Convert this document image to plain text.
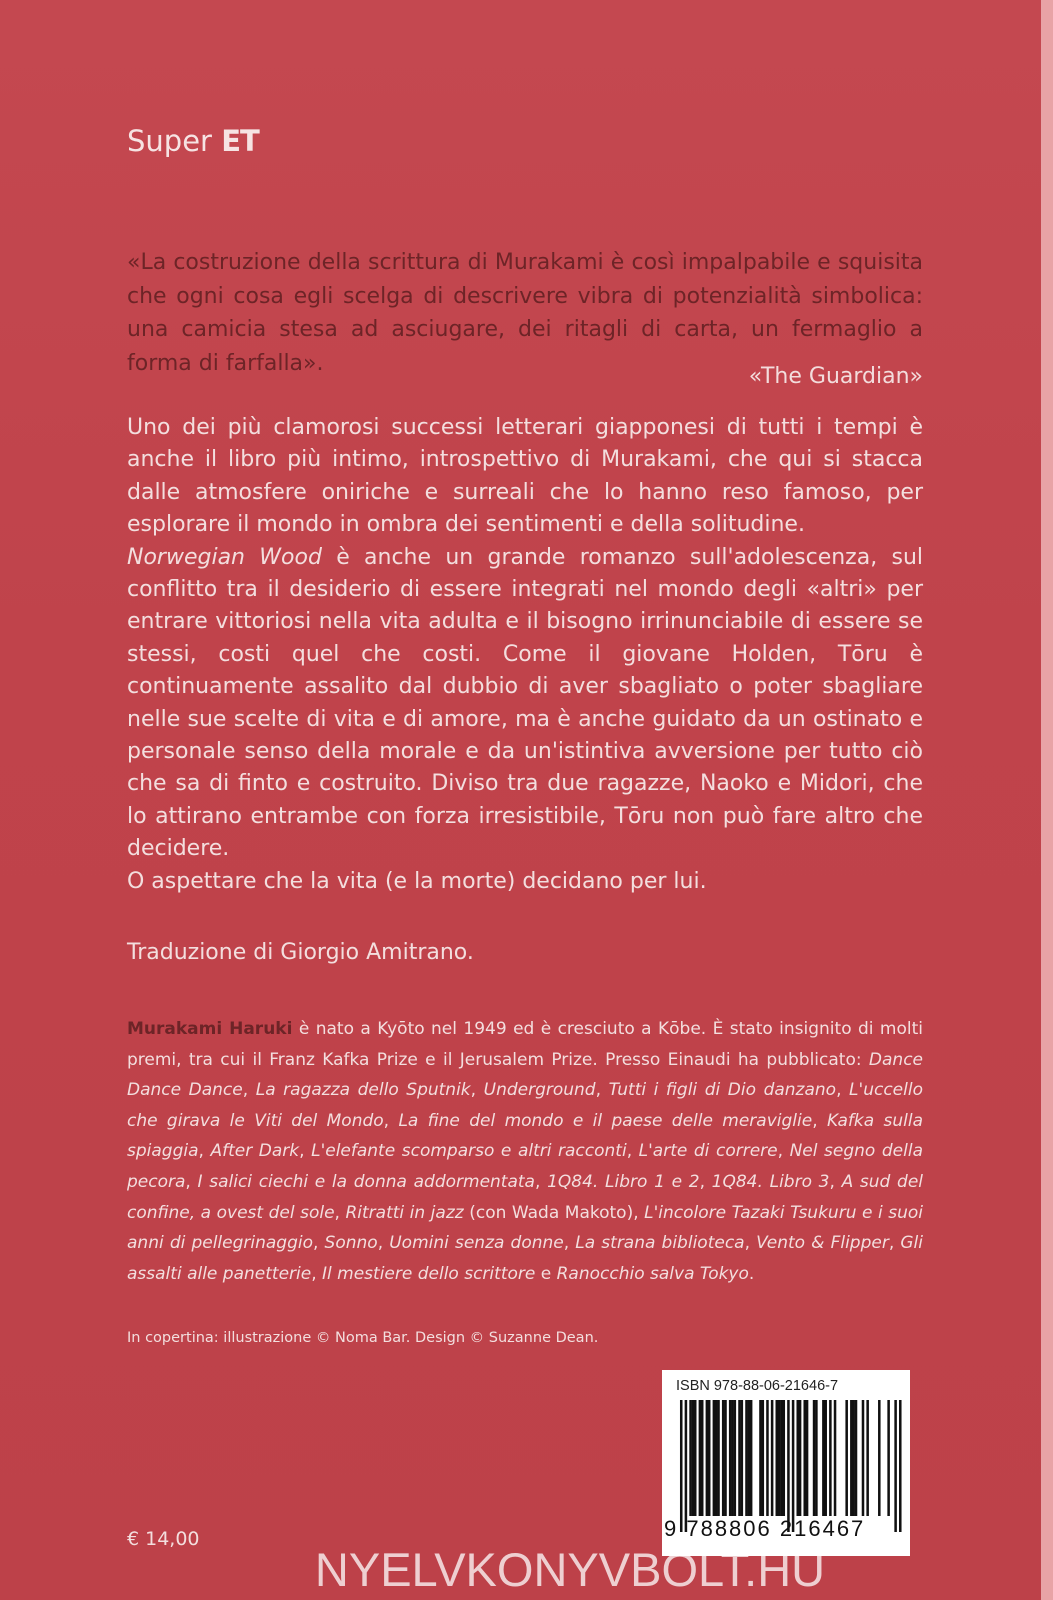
Super ET
«La costruzione della scrittura di Murakami è così impalpabile e squisita che ogni cosa egli scelga di descrivere vibra di potenzialità simbolica: una camicia stesa ad asciugare, dei ritagli di carta, un fermaglio a forma di farfalla».
«The Guardian»

Uno dei più clamorosi successi letterari giapponesi di tutti i tempi è anche il libro più intimo, introspettivo di Murakami, che qui si stacca dalle atmosfere oniriche e surreali che lo hanno reso famoso, per esplorare il mondo in ombra dei sentimenti e della solitudine.

Norwegian Wood è anche un grande romanzo sull'adolescenza, sul conflitto tra il desiderio di essere integrati nel mondo degli «altri» per entrare vittoriosi nella vita adulta e il bisogno irrinunciabile di essere se stessi, costi quel che costi. Come il giovane Holden, Tōru è continuamente assalito dal dubbio di aver sbagliato o poter sbagliare nelle sue scelte di vita e di amore, ma è anche guidato da un ostinato e personale senso della morale e da un'istintiva avversione per tutto ciò che sa di finto e costruito. Diviso tra due ragazze, Naoko e Midori, che lo attirano entrambe con forza irresistibile, Tōru non può fare altro che decidere.

O aspettare che la vita (e la morte) decidano per lui.

Traduzione di Giorgio Amitrano.
Murakami Haruki è nato a Kyōto nel 1949 ed è cresciuto a Kōbe. È stato insignito di molti premi, tra cui il Franz Kafka Prize e il Jerusalem Prize. Presso Einaudi ha pubblicato: Dance Dance Dance, La ragazza dello Sputnik, Underground, Tutti i figli di Dio danzano, L'uccello che girava le Viti del Mondo, La fine del mondo e il paese delle meraviglie, Kafka sulla spiaggia, After Dark, L'elefante scomparso e altri racconti, L'arte di correre, Nel segno della pecora, I salici ciechi e la donna addormentata, 1Q84. Libro 1 e 2, 1Q84. Libro 3, A sud del confine, a ovest del sole, Ritratti in jazz (con Wada Makoto), L'incolore Tazaki Tsukuru e i suoi anni di pellegrinaggio, Sonno, Uomini senza donne, La strana biblioteca, Vento & Flipper, Gli assalti alle panetterie, Il mestiere dello scrittore e Ranocchio salva Tokyo.
In copertina: illustrazione © Noma Bar. Design © Suzanne Dean.
ISBN 978-88-06-21646-7
9 788806 216467
€ 14,00
NYELVKONYVBOLT.HU
